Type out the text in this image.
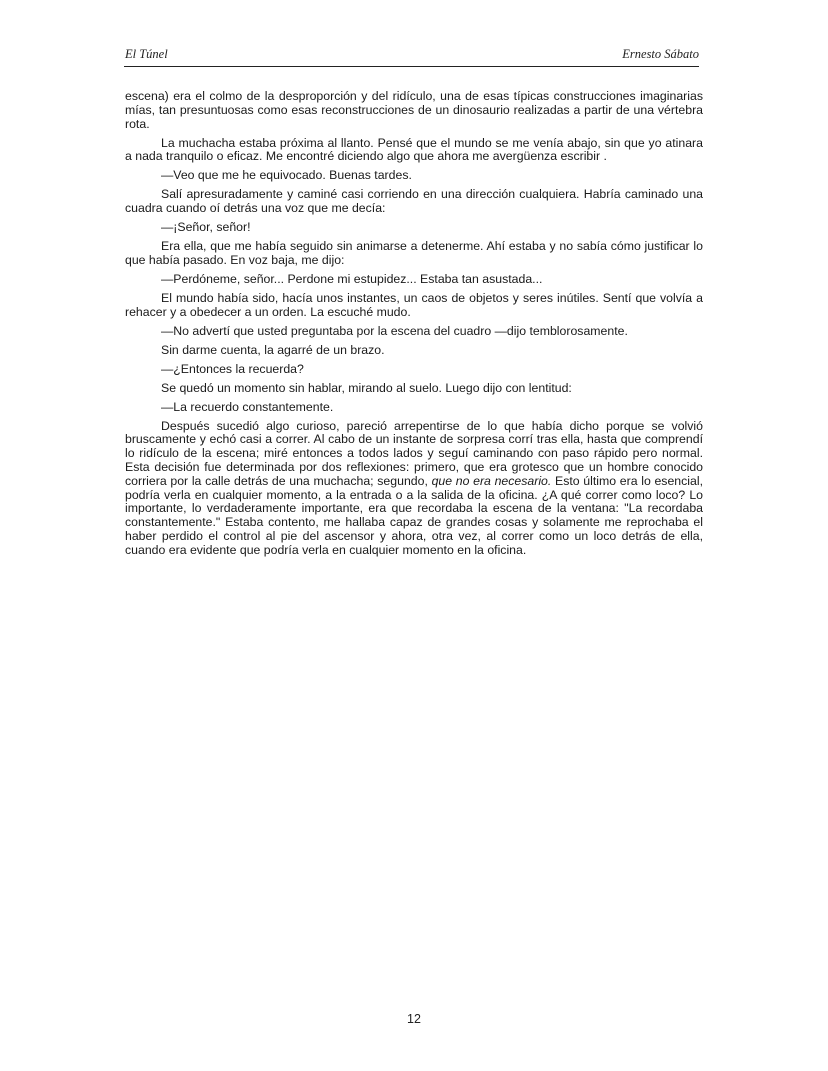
El Túnel	Ernesto Sábato

escena) era el colmo de la desproporción y del ridículo, una de esas típicas construcciones imaginarias mías, tan presuntuosas como esas reconstrucciones de un dinosaurio realizadas a partir de una vértebra rota.

La muchacha estaba próxima al llanto. Pensé que el mundo se me venía abajo, sin que yo atinara a nada tranquilo o eficaz. Me encontré diciendo algo que ahora me avergüenza escribir .

—Veo que me he equivocado. Buenas tardes.

Salí apresuradamente y caminé casi corriendo en una dirección cualquiera. Habría caminado una cuadra cuando oí detrás una voz que me decía:

—¡Señor, señor!

Era ella, que me había seguido sin animarse a detenerme. Ahí estaba y no sabía cómo justificar lo que había pasado. En voz baja, me dijo:

—Perdóneme, señor... Perdone mi estupidez... Estaba tan asustada...

El mundo había sido, hacía unos instantes, un caos de objetos y seres inútiles. Sentí que volvía a rehacer y a obedecer a un orden. La escuché mudo.

—No advertí que usted preguntaba por la escena del cuadro —dijo temblorosamente.

Sin darme cuenta, la agarré de un brazo.

—¿Entonces la recuerda?

Se quedó un momento sin hablar, mirando al suelo. Luego dijo con lentitud:

—La recuerdo constantemente.

Después sucedió algo curioso, pareció arrepentirse de lo que había dicho porque se volvió bruscamente y echó casi a correr. Al cabo de un instante de sorpresa corrí tras ella, hasta que comprendí lo ridículo de la escena; miré entonces a todos lados y seguí caminando con paso rápido pero normal. Esta decisión fue determinada por dos reflexiones: primero, que era grotesco que un hombre conocido corriera por la calle detrás de una muchacha; segundo, que no era necesario. Esto último era lo esencial, podría verla en cualquier momento, a la entrada o a la salida de la oficina. ¿A qué correr como loco? Lo importante, lo verdaderamente importante, era que recordaba la escena de la ventana: "La recordaba constantemente." Estaba contento, me hallaba capaz de grandes cosas y solamente me reprochaba el haber perdido el control al pie del ascensor y ahora, otra vez, al correr como un loco detrás de ella, cuando era evidente que podría verla en cualquier momento en la oficina.

12
